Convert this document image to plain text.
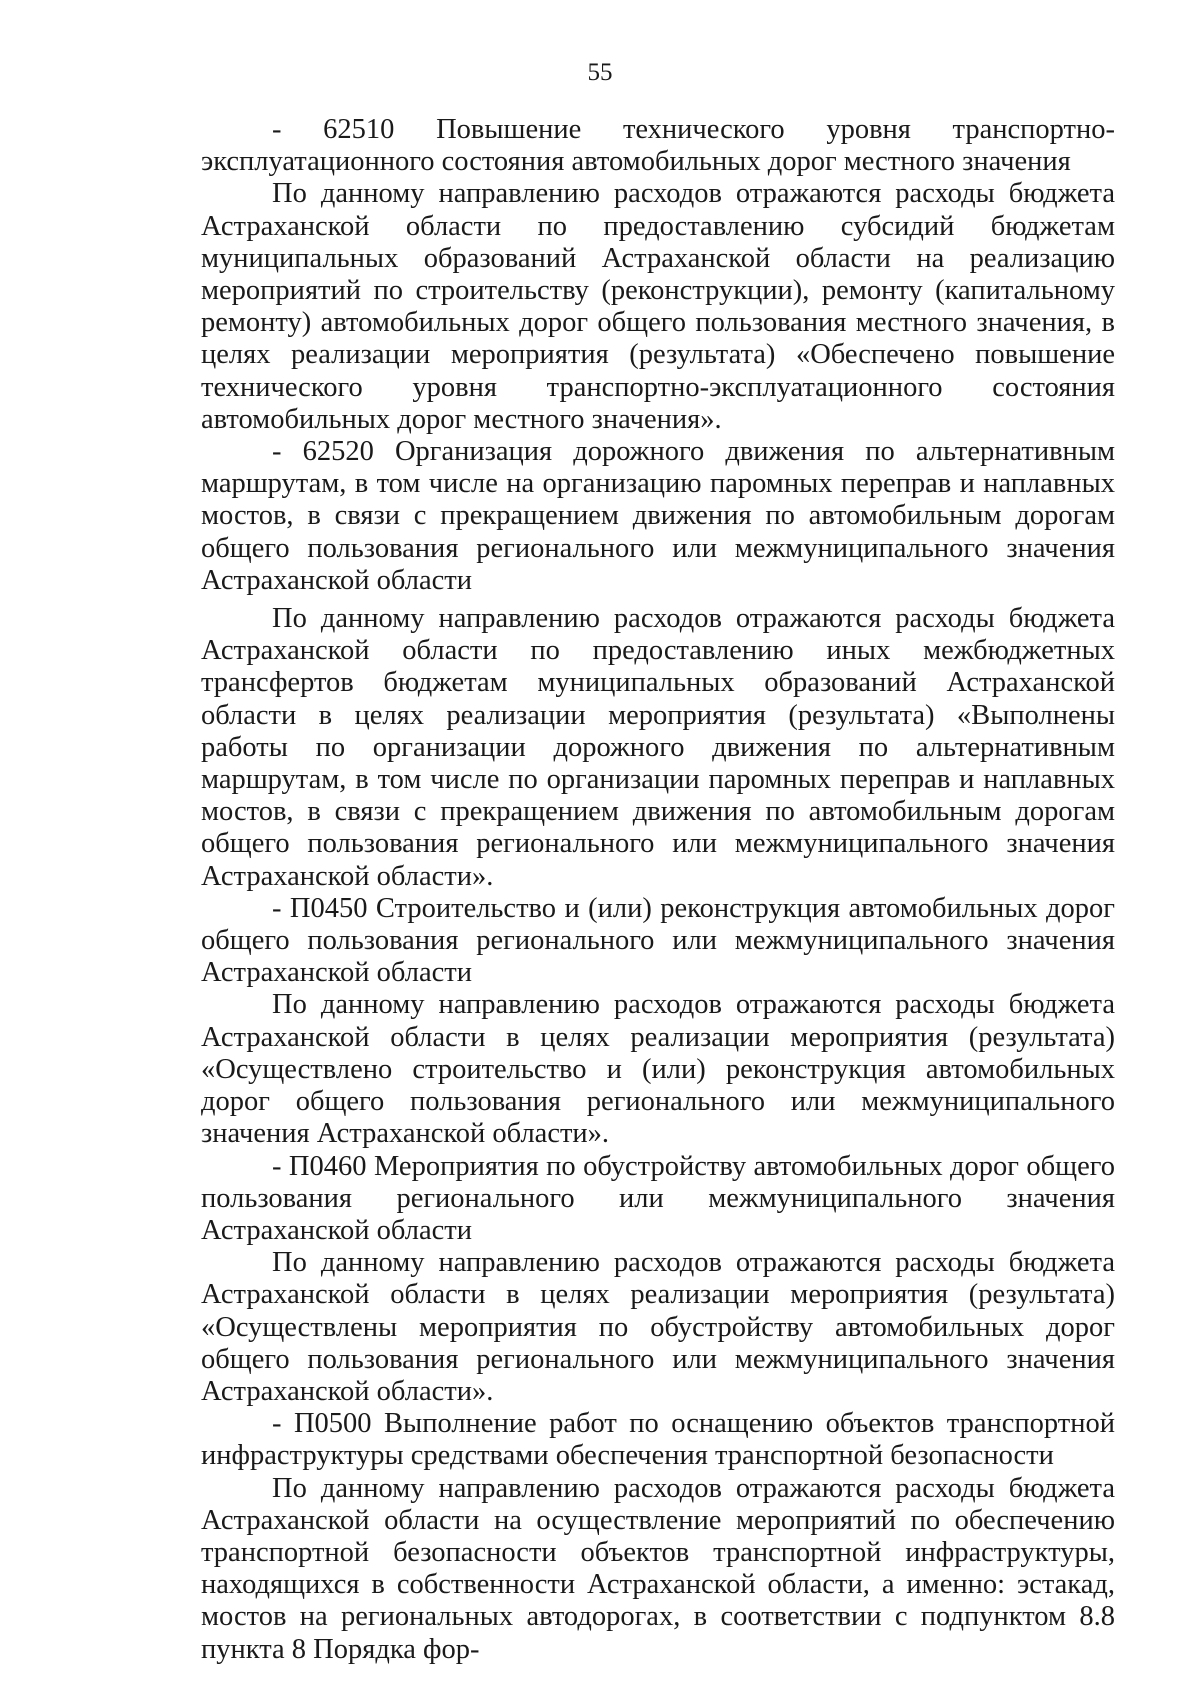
55

- 62510 Повышение технического уровня транспортно-эксплуатационного состояния автомобильных дорог местного значения

По данному направлению расходов отражаются расходы бюджета Астраханской области по предоставлению субсидий бюджетам муниципальных образований Астраханской области на реализацию мероприятий по строительству (реконструкции), ремонту (капитальному ремонту) автомобильных дорог общего пользования местного значения, в целях реализации мероприятия (результата) «Обеспечено повышение технического уровня транспортно-эксплуатационного состояния автомобильных дорог местного значения».

- 62520 Организация дорожного движения по альтернативным маршрутам, в том числе на организацию паромных переправ и наплавных мостов, в связи с прекращением движения по автомобильным дорогам общего пользования регионального или межмуниципального значения Астраханской области

По данному направлению расходов отражаются расходы бюджета Астраханской области по предоставлению иных межбюджетных трансфертов бюджетам муниципальных образований Астраханской области в целях реализации мероприятия (результата) «Выполнены работы по организации дорожного движения по альтернативным маршрутам, в том числе по организации паромных переправ и наплавных мостов, в связи с прекращением движения по автомобильным дорогам общего пользования регионального или межмуниципального значения Астраханской области».

- П0450 Строительство и (или) реконструкция автомобильных дорог общего пользования регионального или межмуниципального значения Астраханской области

По данному направлению расходов отражаются расходы бюджета Астраханской области в целях реализации мероприятия (результата) «Осуществлено строительство и (или) реконструкция автомобильных дорог общего пользования регионального или межмуниципального значения Астраханской области».

- П0460 Мероприятия по обустройству автомобильных дорог общего пользования регионального или межмуниципального значения Астраханской области

По данному направлению расходов отражаются расходы бюджета Астраханской области в целях реализации мероприятия (результата) «Осуществлены мероприятия по обустройству автомобильных дорог общего пользования регионального или межмуниципального значения Астраханской области».

- П0500 Выполнение работ по оснащению объектов транспортной инфраструктуры средствами обеспечения транспортной безопасности

По данному направлению расходов отражаются расходы бюджета Астраханской области на осуществление мероприятий по обеспечению транспортной безопасности объектов транспортной инфраструктуры, находящихся в собственности Астраханской области, а именно: эстакад, мостов на региональных автодорогах, в соответствии с подпунктом 8.8 пункта 8 Порядка фор-
